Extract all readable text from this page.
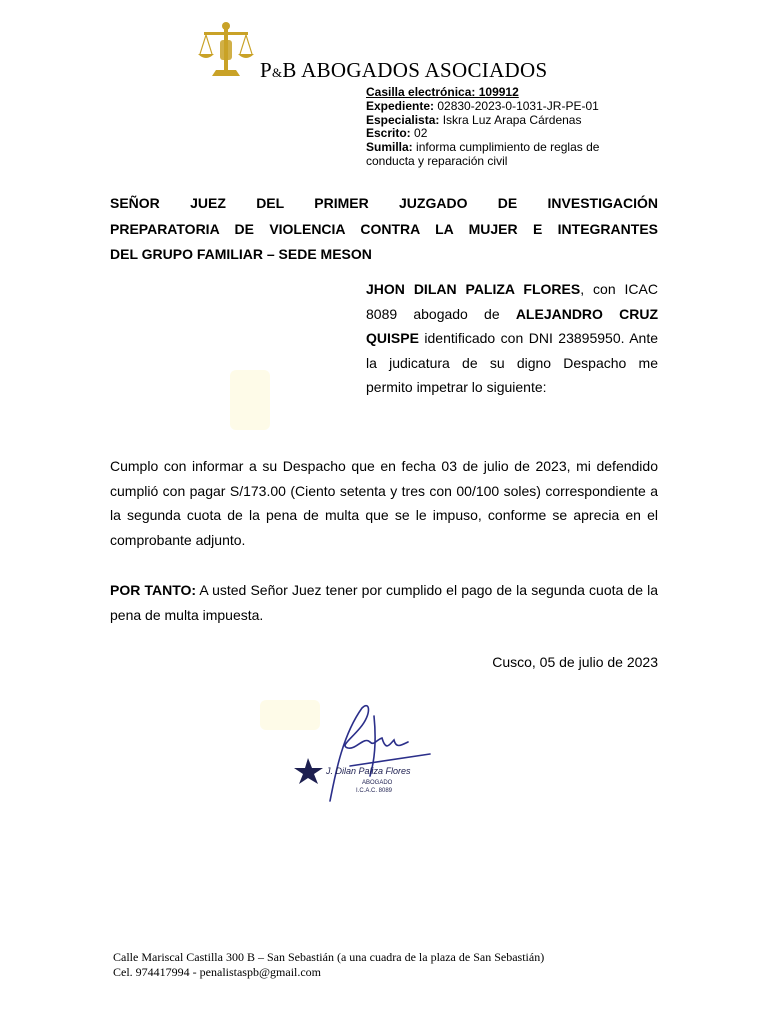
P&B ABOGADOS ASOCIADOS
Casilla electrónica: 109912
Expediente: 02830-2023-0-1031-JR-PE-01
Especialista: Iskra Luz Arapa Cárdenas
Escrito: 02
Sumilla: informa cumplimiento de reglas de conducta y reparación civil
SEÑOR JUEZ DEL PRIMER JUZGADO DE INVESTIGACIÓN
PREPARATORIA DE VIOLENCIA CONTRA LA MUJER E INTEGRANTES
DEL GRUPO FAMILIAR – SEDE MESON
JHON DILAN PALIZA FLORES, con ICAC 8089 abogado de ALEJANDRO CRUZ QUISPE identificado con DNI 23895950. Ante la judicatura de su digno Despacho me permito impetrar lo siguiente:
Cumplo con informar a su Despacho que en fecha 03 de julio de 2023, mi defendido cumplió con pagar S/173.00 (Ciento setenta y tres con 00/100 soles) correspondiente a la segunda cuota de la pena de multa que se le impuso, conforme se aprecia en el comprobante adjunto.
POR TANTO: A usted Señor Juez tener por cumplido el pago de la segunda cuota de la pena de multa impuesta.
Cusco, 05 de julio de 2023
J. Dilan Paliza Flores
ABOGADO
I.C.A.C. 8089
Calle Mariscal Castilla 300 B – San Sebastián (a una cuadra de la plaza de San Sebastián)
Cel. 974417994 - penalistaspb@gmail.com
